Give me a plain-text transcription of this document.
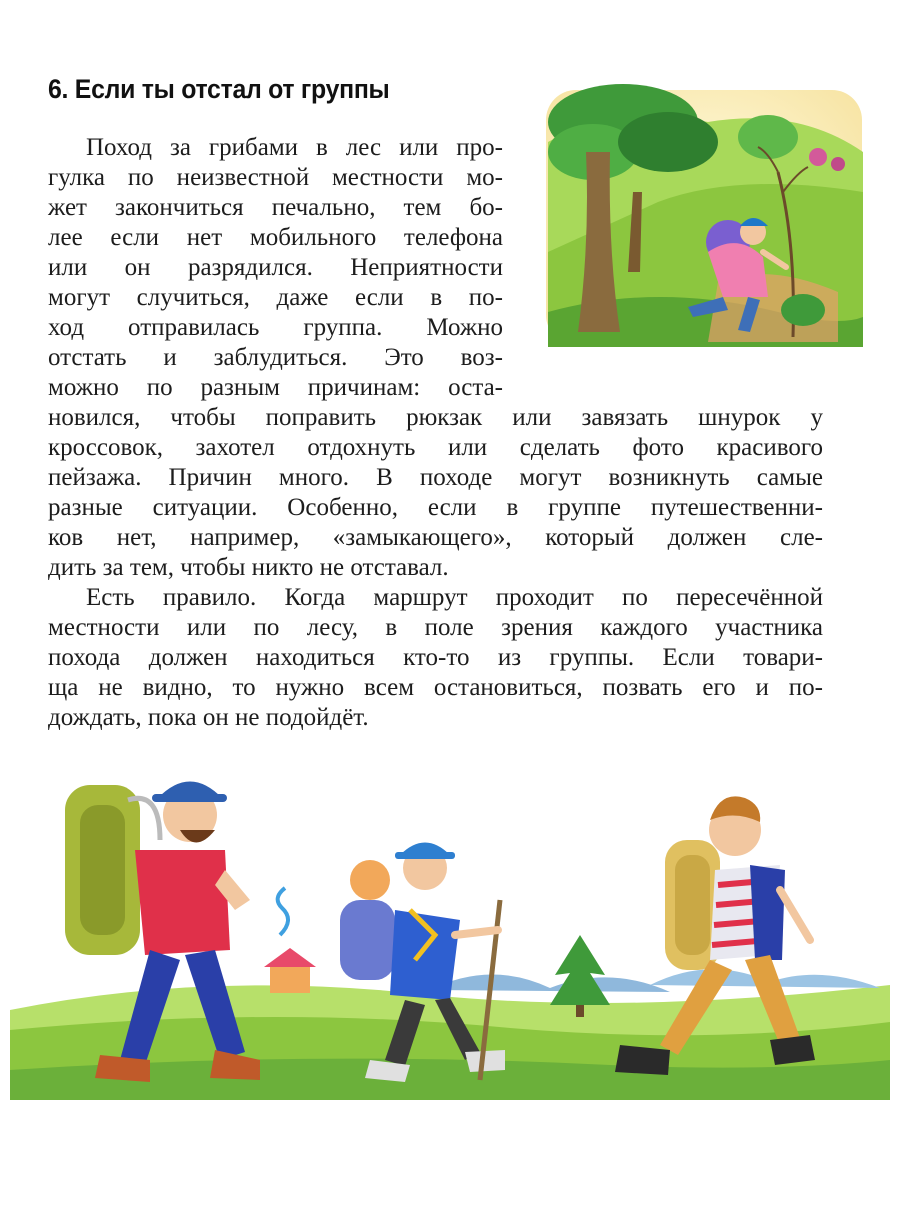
6. Если ты отстал от группы
Поход за грибами в лес или про-
гулка по неизвестной местности мо-
жет закончиться печально, тем бо-
лее если нет мобильного телефона
или он разрядился. Неприятности
могут случиться, даже если в по-
ход отправилась группа. Можно
отстать и заблудиться. Это воз-
можно по разным причинам: оста-
новился, чтобы поправить рюкзак или завязать шнурок у
кроссовок, захотел отдохнуть или сделать фото красивого
пейзажа. Причин много. В походе могут возникнуть самые
разные ситуации. Особенно, если в группе путешественни-
ков нет, например, «замыкающего», который должен сле-
дить за тем, чтобы никто не отставал.
Есть правило. Когда маршрут проходит по пересечённой
местности или по лесу, в поле зрения каждого участника
похода должен находиться кто-то из группы. Если товари-
ща не видно, то нужно всем остановиться, позвать его и по-
дождать, пока он не подойдёт.
